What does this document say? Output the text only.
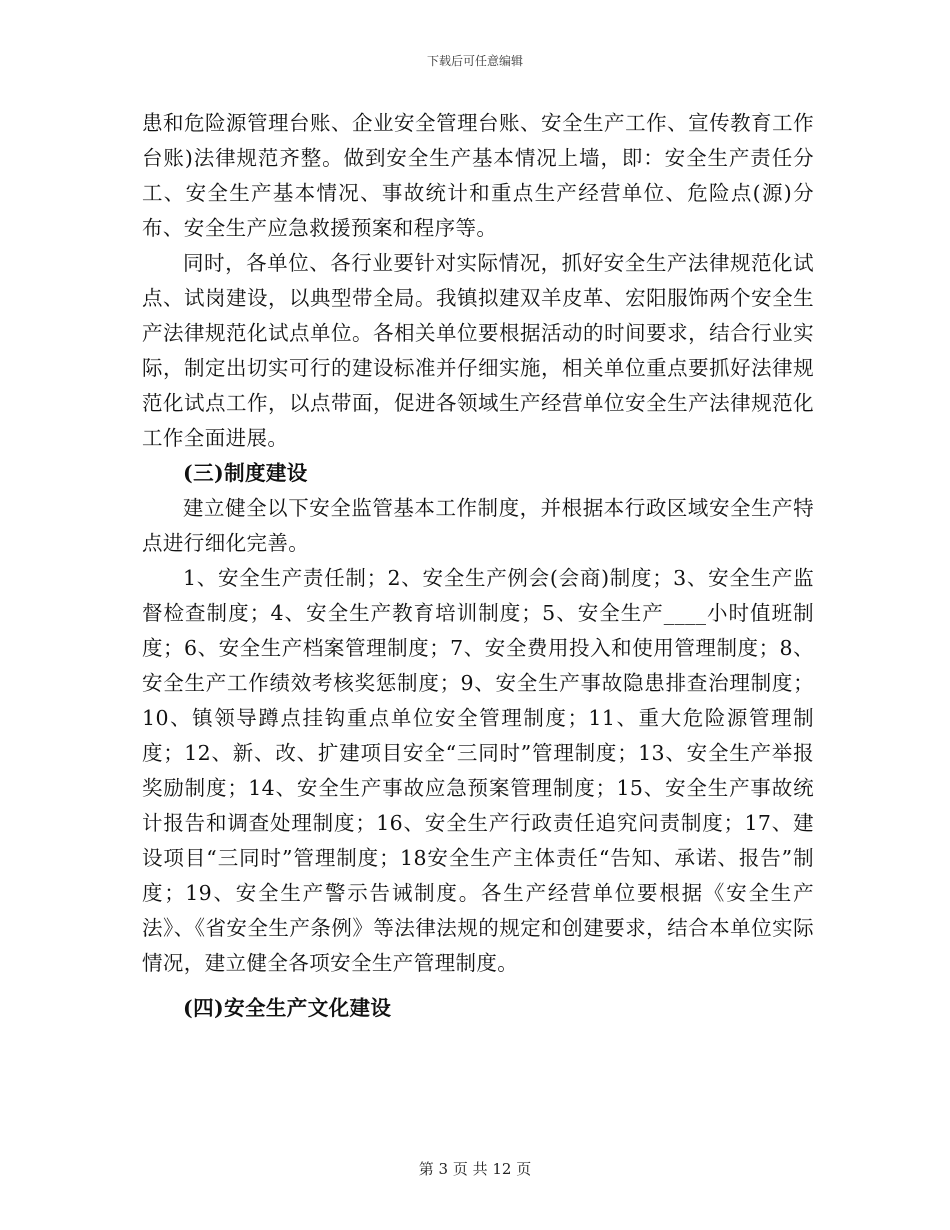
下载后可任意编辑

患和危险源管理台账、企业安全管理台账、安全生产工作、宣传教育工作台账)法律规范齐整。做到安全生产基本情况上墙，即：安全生产责任分工、安全生产基本情况、事故统计和重点生产经营单位、危险点(源)分布、安全生产应急救援预案和程序等。

同时，各单位、各行业要针对实际情况，抓好安全生产法律规范化试点、试岗建设，以典型带全局。我镇拟建双羊皮革、宏阳服饰两个安全生产法律规范化试点单位。各相关单位要根据活动的时间要求，结合行业实际，制定出切实可行的建设标准并仔细实施，相关单位重点要抓好法律规范化试点工作，以点带面，促进各领域生产经营单位安全生产法律规范化工作全面进展。

(三)制度建设

建立健全以下安全监管基本工作制度，并根据本行政区域安全生产特点进行细化完善。

1、安全生产责任制；2、安全生产例会(会商)制度；3、安全生产监督检查制度；4、安全生产教育培训制度；5、安全生产____小时值班制度；6、安全生产档案管理制度；7、安全费用投入和使用管理制度；8、安全生产工作绩效考核奖惩制度；9、安全生产事故隐患排查治理制度；10、镇领导蹲点挂钩重点单位安全管理制度；11、重大危险源管理制度；12、新、改、扩建项目安全“三同时”管理制度；13、安全生产举报奖励制度；14、安全生产事故应急预案管理制度；15、安全生产事故统计报告和调查处理制度；16、安全生产行政责任追究问责制度；17、建设项目“三同时”管理制度；18安全生产主体责任“告知、承诺、报告”制度；19、安全生产警示告诫制度。各生产经营单位要根据《安全生产法》、《省安全生产条例》等法律法规的规定和创建要求，结合本单位实际情况，建立健全各项安全生产管理制度。

(四)安全生产文化建设

第 3 页 共 12 页
